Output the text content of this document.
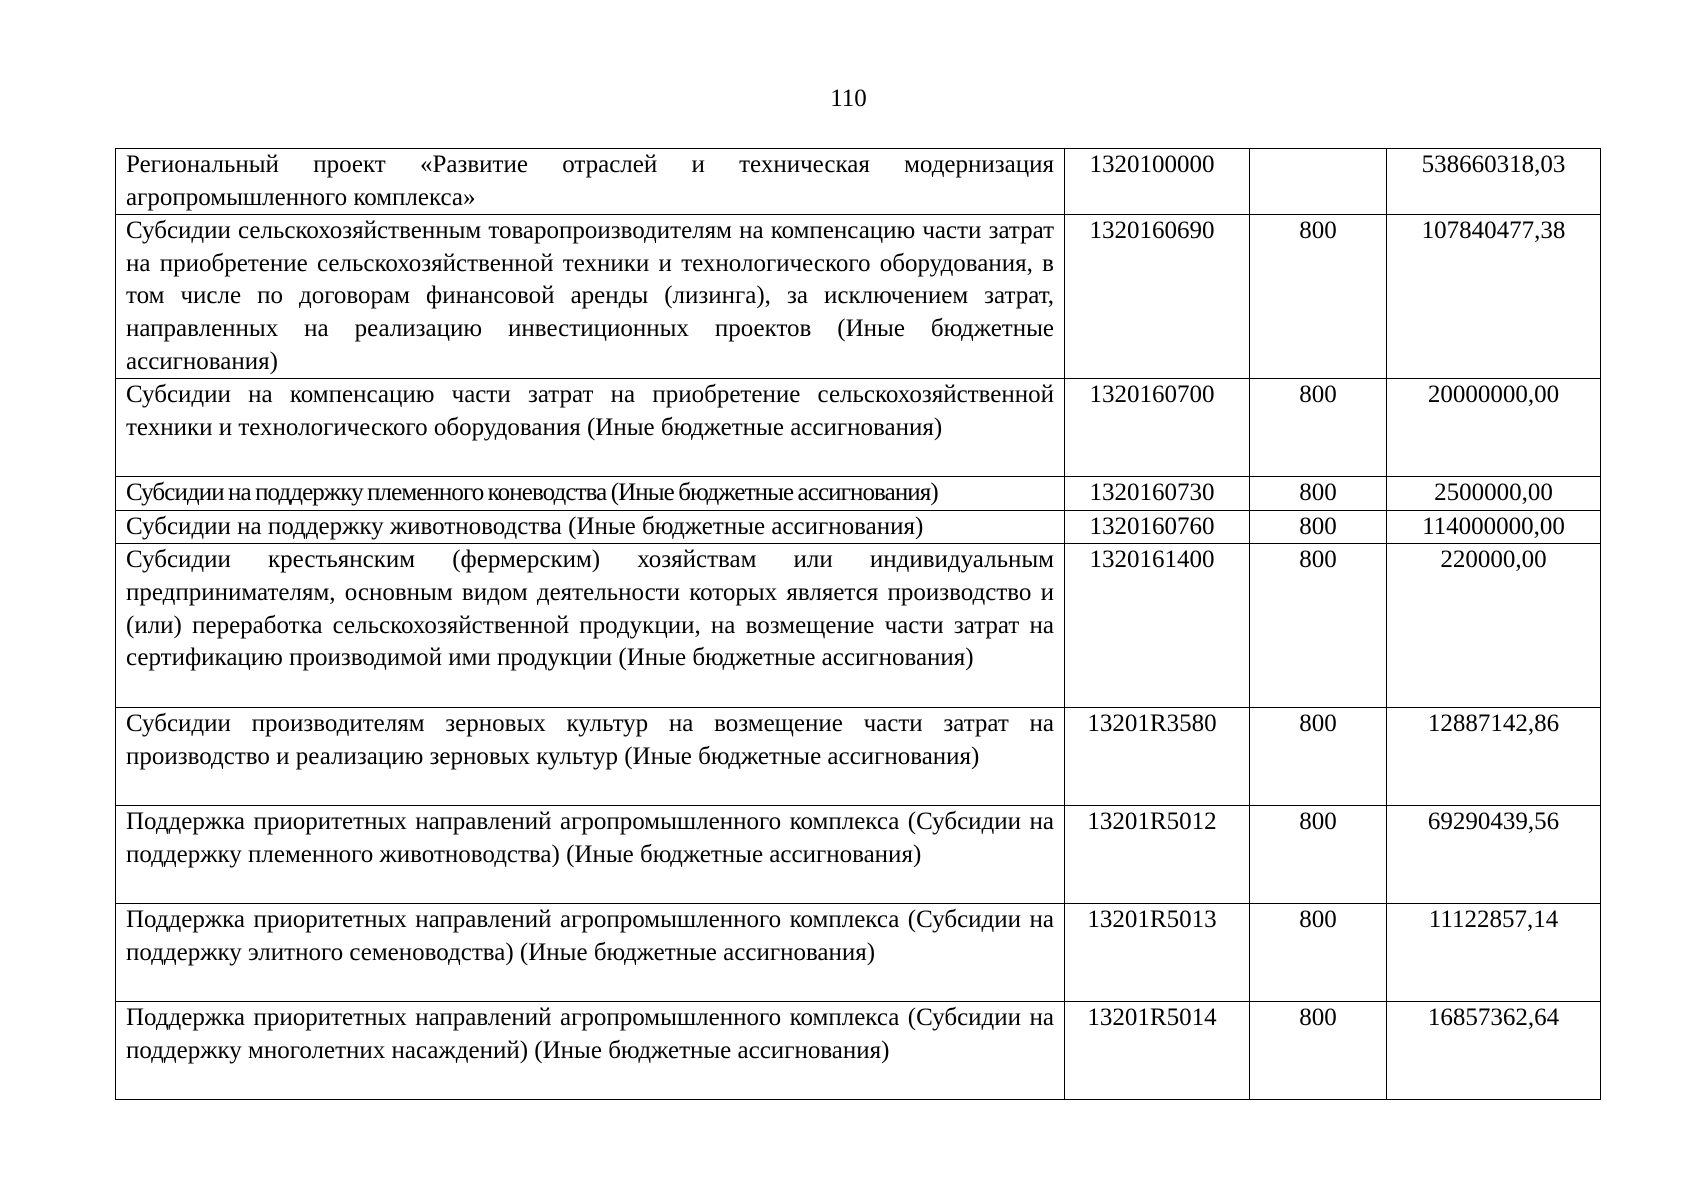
110
Региональный проект «Развитие отраслей и техническая модернизация агропромышленного комплекса»	1320100000		538660318,03
Субсидии сельскохозяйственным товаропроизводителям на компенсацию части затрат на приобретение сельскохозяйственной техники и технологического оборудования, в том числе по договорам финансовой аренды (лизинга), за исключением затрат, направленных на реализацию инвестиционных проектов (Иные бюджетные ассигнования)	1320160690	800	107840477,38
Субсидии на компенсацию части затрат на приобретение сельскохозяйственной техники и технологического оборудования (Иные бюджетные ассигнования)	1320160700	800	20000000,00
Субсидии на поддержку племенного коневодства (Иные бюджетные ассигнования)	1320160730	800	2500000,00
Субсидии на поддержку животноводства (Иные бюджетные ассигнования)	1320160760	800	114000000,00
Субсидии крестьянским (фермерским) хозяйствам или индивидуальным предпринимателям, основным видом деятельности которых является производство и (или) переработка сельскохозяйственной продукции, на возмещение части затрат на сертификацию производимой ими продукции (Иные бюджетные ассигнования)	1320161400	800	220000,00
Субсидии производителям зерновых культур на возмещение части затрат на производство и реализацию зерновых культур (Иные бюджетные ассигнования)	13201R3580	800	12887142,86
Поддержка приоритетных направлений агропромышленного комплекса (Субсидии на поддержку племенного животноводства) (Иные бюджетные ассигнования)	13201R5012	800	69290439,56
Поддержка приоритетных направлений агропромышленного комплекса (Субсидии на поддержку элитного семеноводства) (Иные бюджетные ассигнования)	13201R5013	800	11122857,14
Поддержка приоритетных направлений агропромышленного комплекса (Субсидии на поддержку многолетних насаждений) (Иные бюджетные ассигнования)	13201R5014	800	16857362,64
